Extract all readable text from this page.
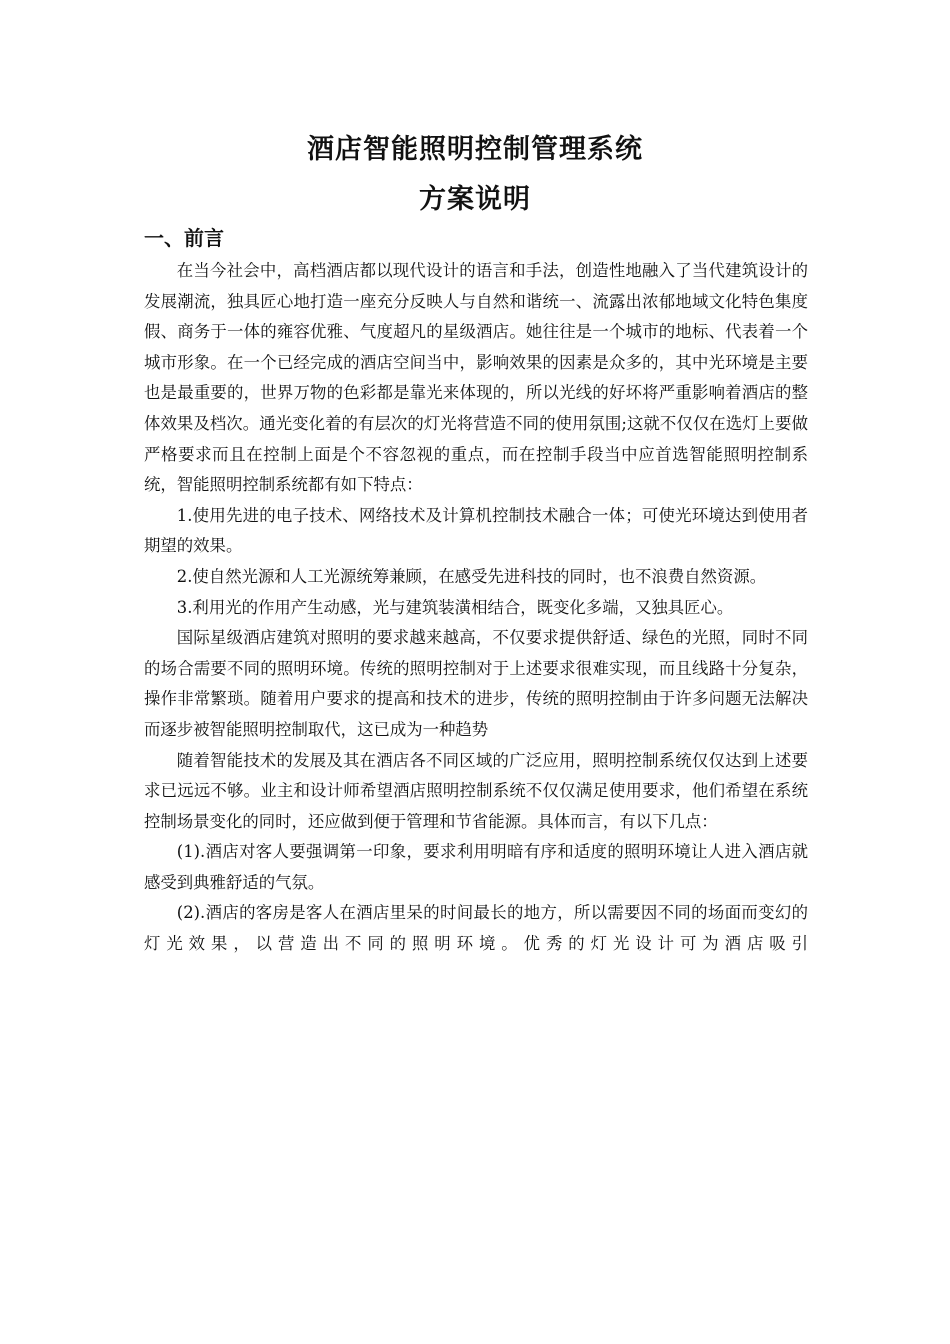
酒店智能照明控制管理系统
方案说明
一、前言

在当今社会中，高档酒店都以现代设计的语言和手法，创造性地融入了当代建筑设计的发展潮流，独具匠心地打造一座充分反映人与自然和谐统一、流露出浓郁地域文化特色集度假、商务于一体的雍容优雅、气度超凡的星级酒店。她往往是一个城市的地标、代表着一个城市形象。在一个已经完成的酒店空间当中，影响效果的因素是众多的，其中光环境是主要也是最重要的，世界万物的色彩都是靠光来体现的，所以光线的好坏将严重影响着酒店的整体效果及档次。通光变化着的有层次的灯光将营造不同的使用氛围;这就不仅仅在选灯上要做严格要求而且在控制上面是个不容忽视的重点，而在控制手段当中应首选智能照明控制系统，智能照明控制系统都有如下特点：

1.使用先进的电子技术、网络技术及计算机控制技术融合一体；可使光环境达到使用者期望的效果。

2.使自然光源和人工光源统筹兼顾，在感受先进科技的同时，也不浪费自然资源。

3.利用光的作用产生动感，光与建筑装潢相结合，既变化多端，又独具匠心。

国际星级酒店建筑对照明的要求越来越高，不仅要求提供舒适、绿色的光照，同时不同的场合需要不同的照明环境。传统的照明控制对于上述要求很难实现，而且线路十分复杂，操作非常繁琐。随着用户要求的提高和技术的进步，传统的照明控制由于许多问题无法解决而逐步被智能照明控制取代，这已成为一种趋势

随着智能技术的发展及其在酒店各不同区域的广泛应用，照明控制系统仅仅达到上述要求已远远不够。业主和设计师希望酒店照明控制系统不仅仅满足使用要求，他们希望在系统控制场景变化的同时，还应做到便于管理和节省能源。具体而言，有以下几点：

(1).酒店对客人要强调第一印象，要求利用明暗有序和适度的照明环境让人进入酒店就感受到典雅舒适的气氛。

(2).酒店的客房是客人在酒店里呆的时间最长的地方，所以需要因不同的场面而变幻的灯光效果，以营造出不同的照明环境。优秀的灯光设计可为酒店吸引
